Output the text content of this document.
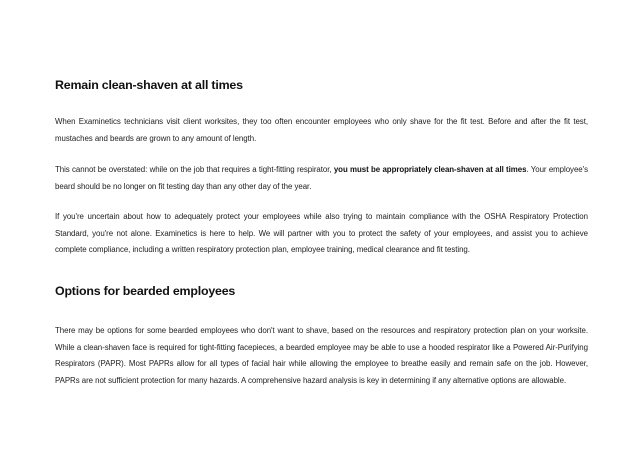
Remain clean-shaven at all times

When Examinetics technicians visit client worksites, they too often encounter employees who only shave for the fit test. Before and after the fit test, mustaches and beards are grown to any amount of length.

This cannot be overstated: while on the job that requires a tight-fitting respirator, you must be appropriately clean-shaven at all times. Your employee's beard should be no longer on fit testing day than any other day of the year.

If you're uncertain about how to adequately protect your employees while also trying to maintain compliance with the OSHA Respiratory Protection Standard, you're not alone. Examinetics is here to help. We will partner with you to protect the safety of your employees, and assist you to achieve complete compliance, including a written respiratory protection plan, employee training, medical clearance and fit testing.

Options for bearded employees

There may be options for some bearded employees who don't want to shave, based on the resources and respiratory protection plan on your worksite. While a clean-shaven face is required for tight-fitting facepieces, a bearded employee may be able to use a hooded respirator like a Powered Air-Purifying Respirators (PAPR). Most PAPRs allow for all types of facial hair while allowing the employee to breathe easily and remain safe on the job. However, PAPRs are not sufficient protection for many hazards. A comprehensive hazard analysis is key in determining if any alternative options are allowable.
